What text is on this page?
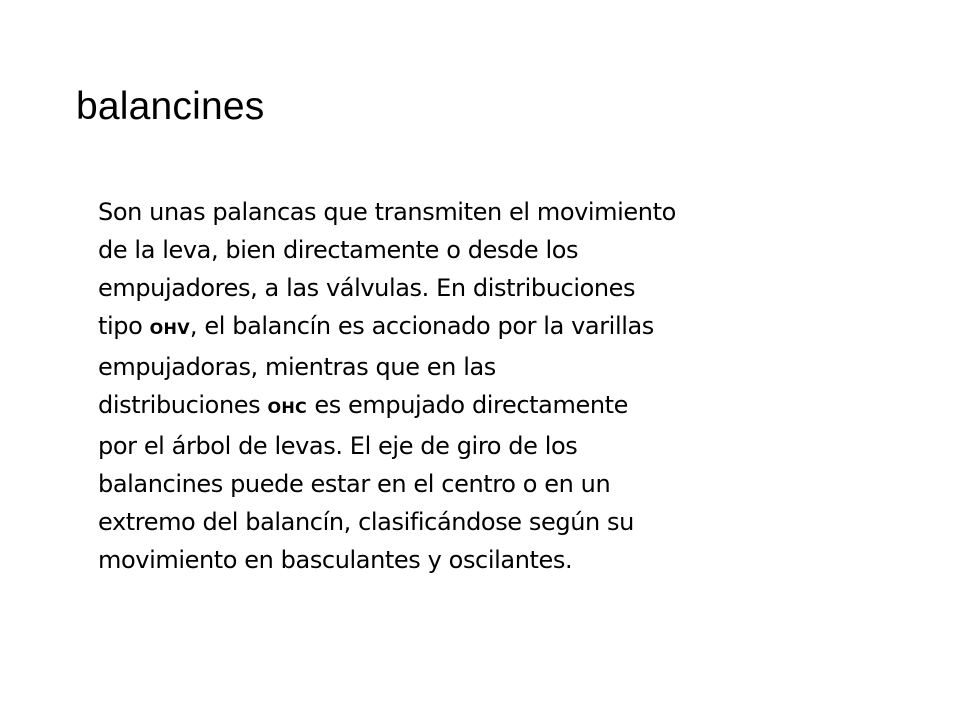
balancines
Son unas palancas que transmiten el movimiento
de la leva, bien directamente o desde los
empujadores, a las válvulas. En distribuciones
tipo OHV, el balancín es accionado por la varillas
empujadoras, mientras que en las
distribuciones OHC es empujado directamente
por el árbol de levas. El eje de giro de los
balancines puede estar en el centro o en un
extremo del balancín, clasificándose según su
movimiento en basculantes y oscilantes.
